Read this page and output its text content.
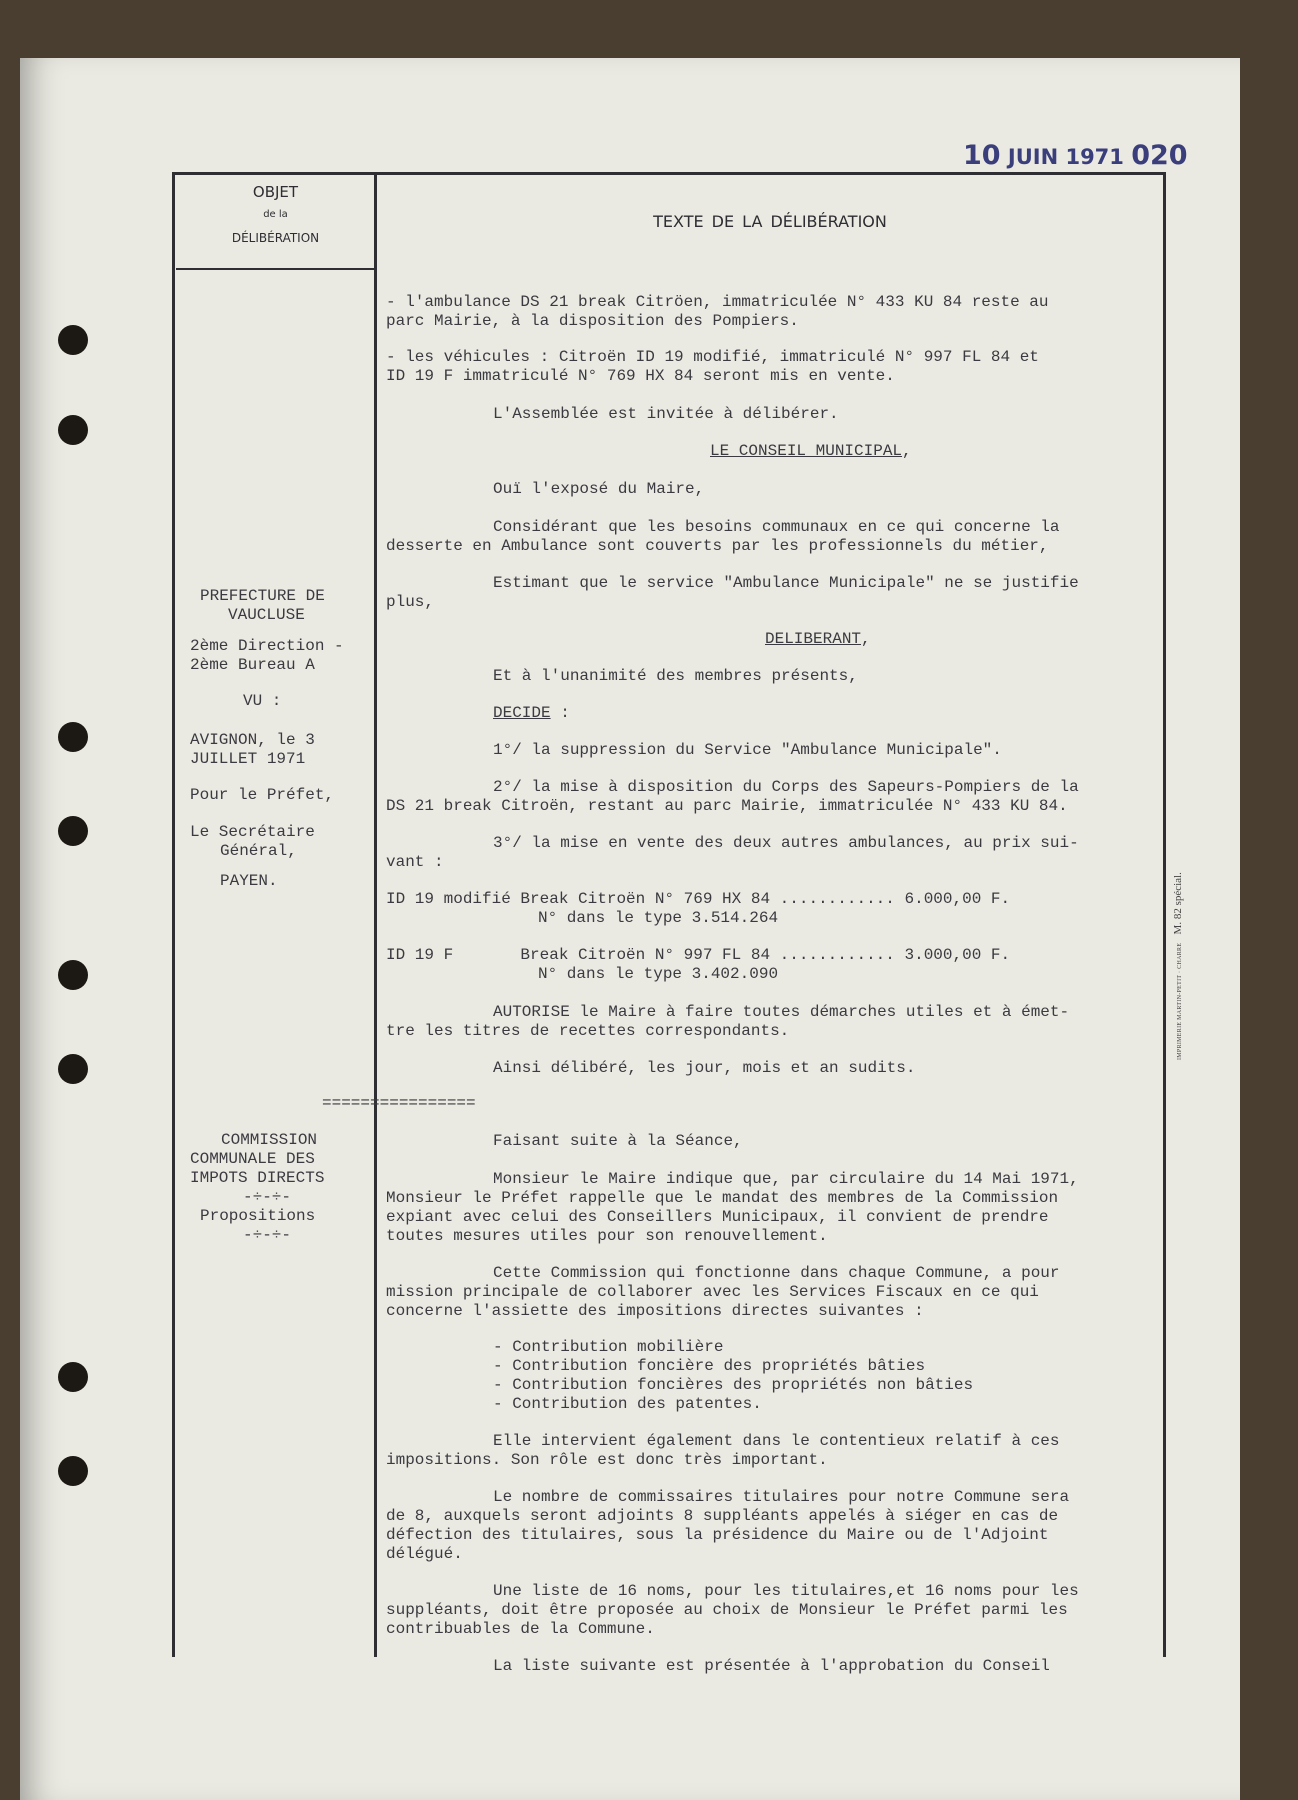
10 JUIN 1971 020
IMPRIMERIE MARTIN-PETIT · CHARRE   M. 82 spécial.
OBJET
de la
DÉLIBÉRATION
TEXTE DE LA DÉLIBÉRATION
PREFECTURE DE
VAUCLUSE
2ème Direction -
2ème Bureau A
VU :
AVIGNON, le 3
JUILLET 1971
Pour le Préfet,
Le Secrétaire
Général,
PAYEN.
================
COMMISSION
COMMUNALE DES
IMPOTS DIRECTS
-÷-÷-
Propositions
-÷-÷-
- l'ambulance DS 21 break Citröen, immatriculée N° 433 KU 84 reste au
parc Mairie, à la disposition des Pompiers.
- les véhicules : Citroën ID 19 modifié, immatriculé N° 997 FL 84 et
ID 19 F immatriculé N° 769 HX 84 seront mis en vente.
L'Assemblée est invitée à délibérer.
LE CONSEIL MUNICIPAL,
Ouï l'exposé du Maire,
Considérant que les besoins communaux en ce qui concerne la
desserte en Ambulance sont couverts par les professionnels du métier,
Estimant que le service "Ambulance Municipale" ne se justifie
plus,
DELIBERANT,
Et à l'unanimité des membres présents,
DECIDE :
1°/ la suppression du Service "Ambulance Municipale".
2°/ la mise à disposition du Corps des Sapeurs-Pompiers de la
DS 21 break Citroën, restant au parc Mairie, immatriculée N° 433 KU 84.
3°/ la mise en vente des deux autres ambulances, au prix sui-
vant :
ID 19 modifié Break Citroën N° 769 HX 84 ............ 6.000,00 F.
N° dans le type 3.514.264
ID 19 F       Break Citroën N° 997 FL 84 ............ 3.000,00 F.
N° dans le type 3.402.090
AUTORISE le Maire à faire toutes démarches utiles et à émet-
tre les titres de recettes correspondants.
Ainsi délibéré, les jour, mois et an sudits.
Faisant suite à la Séance,
Monsieur le Maire indique que, par circulaire du 14 Mai 1971,
Monsieur le Préfet rappelle que le mandat des membres de la Commission
expiant avec celui des Conseillers Municipaux, il convient de prendre
toutes mesures utiles pour son renouvellement.
Cette Commission qui fonctionne dans chaque Commune, a pour
mission principale de collaborer avec les Services Fiscaux en ce qui
concerne l'assiette des impositions directes suivantes :
- Contribution mobilière
- Contribution foncière des propriétés bâties
- Contribution foncières des propriétés non bâties
- Contribution des patentes.
Elle intervient également dans le contentieux relatif à ces
impositions. Son rôle est donc très important.
Le nombre de commissaires titulaires pour notre Commune sera
de 8, auxquels seront adjoints 8 suppléants appelés à siéger en cas de
défection des titulaires, sous la présidence du Maire ou de l'Adjoint
délégué.
Une liste de 16 noms, pour les titulaires,et 16 noms pour les
suppléants, doit être proposée au choix de Monsieur le Préfet parmi les
contribuables de la Commune.
La liste suivante est présentée à l'approbation du Conseil
